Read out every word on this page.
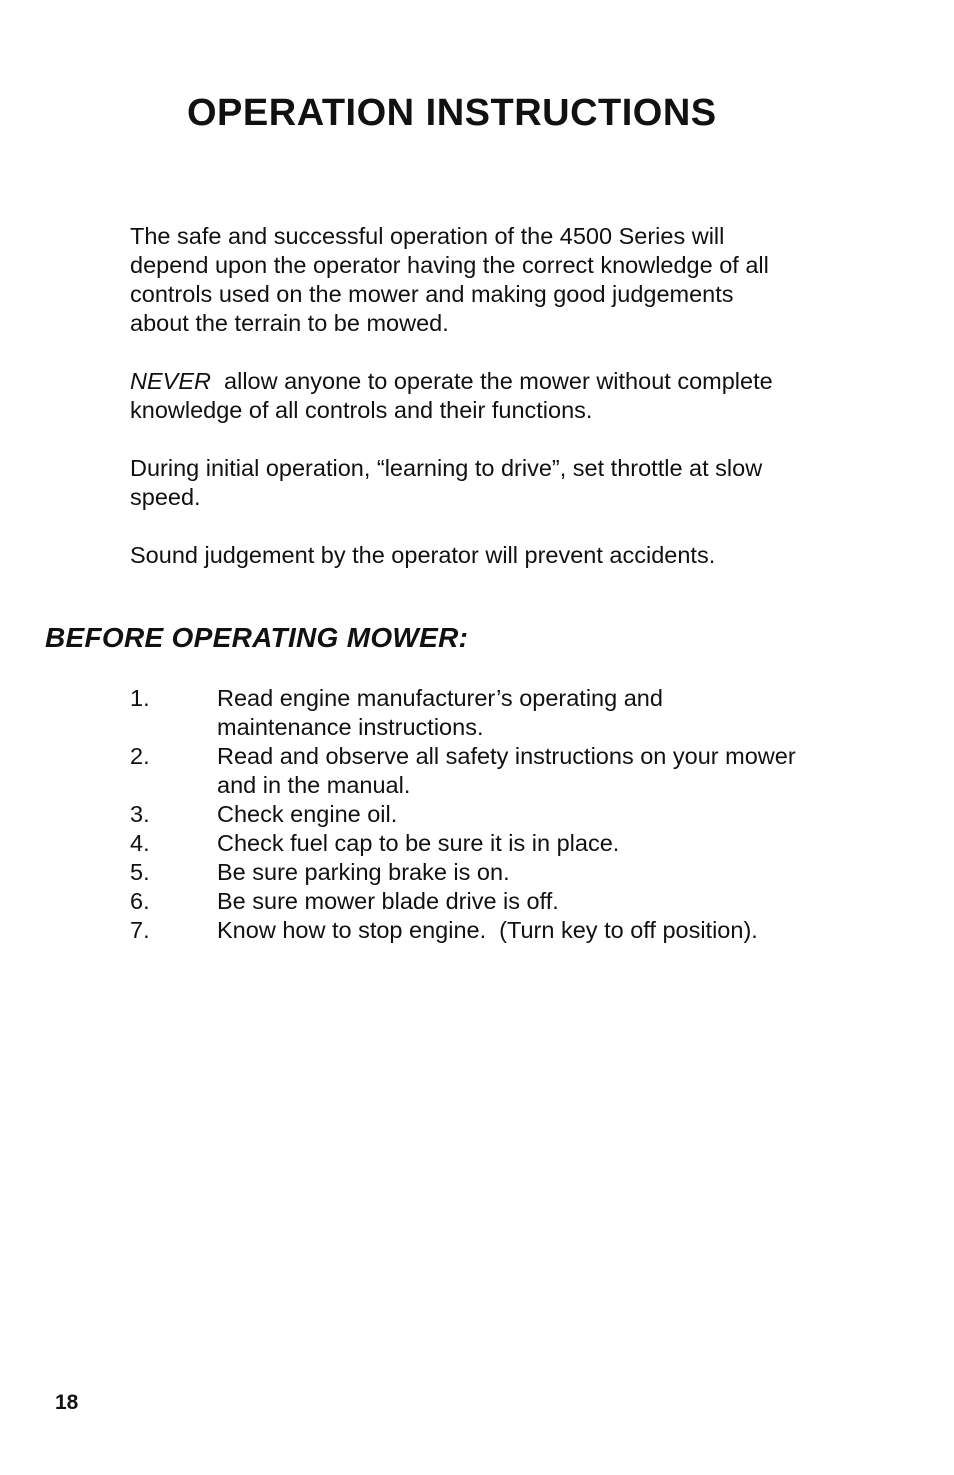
OPERATION INSTRUCTIONS

The safe and successful operation of the 4500 Series will depend upon the operator having the correct knowledge of all controls used on the mower and making good judgements about the terrain to be mowed.

NEVER  allow anyone to operate the mower without complete knowledge of all controls and their functions.

During initial operation, “learning to drive”, set throttle at slow speed.

Sound judgement by the operator will prevent accidents.

BEFORE OPERATING MOWER:
1.	Read engine manufacturer’s operating and maintenance instructions.
2.	Read and observe all safety instructions on your mower and in the manual.
3.	Check engine oil.
4.	Check fuel cap to be sure it is in place.
5.	Be sure parking brake is on.
6.	Be sure mower blade drive is off.
7.	Know how to stop engine.  (Turn key to off position).
18
